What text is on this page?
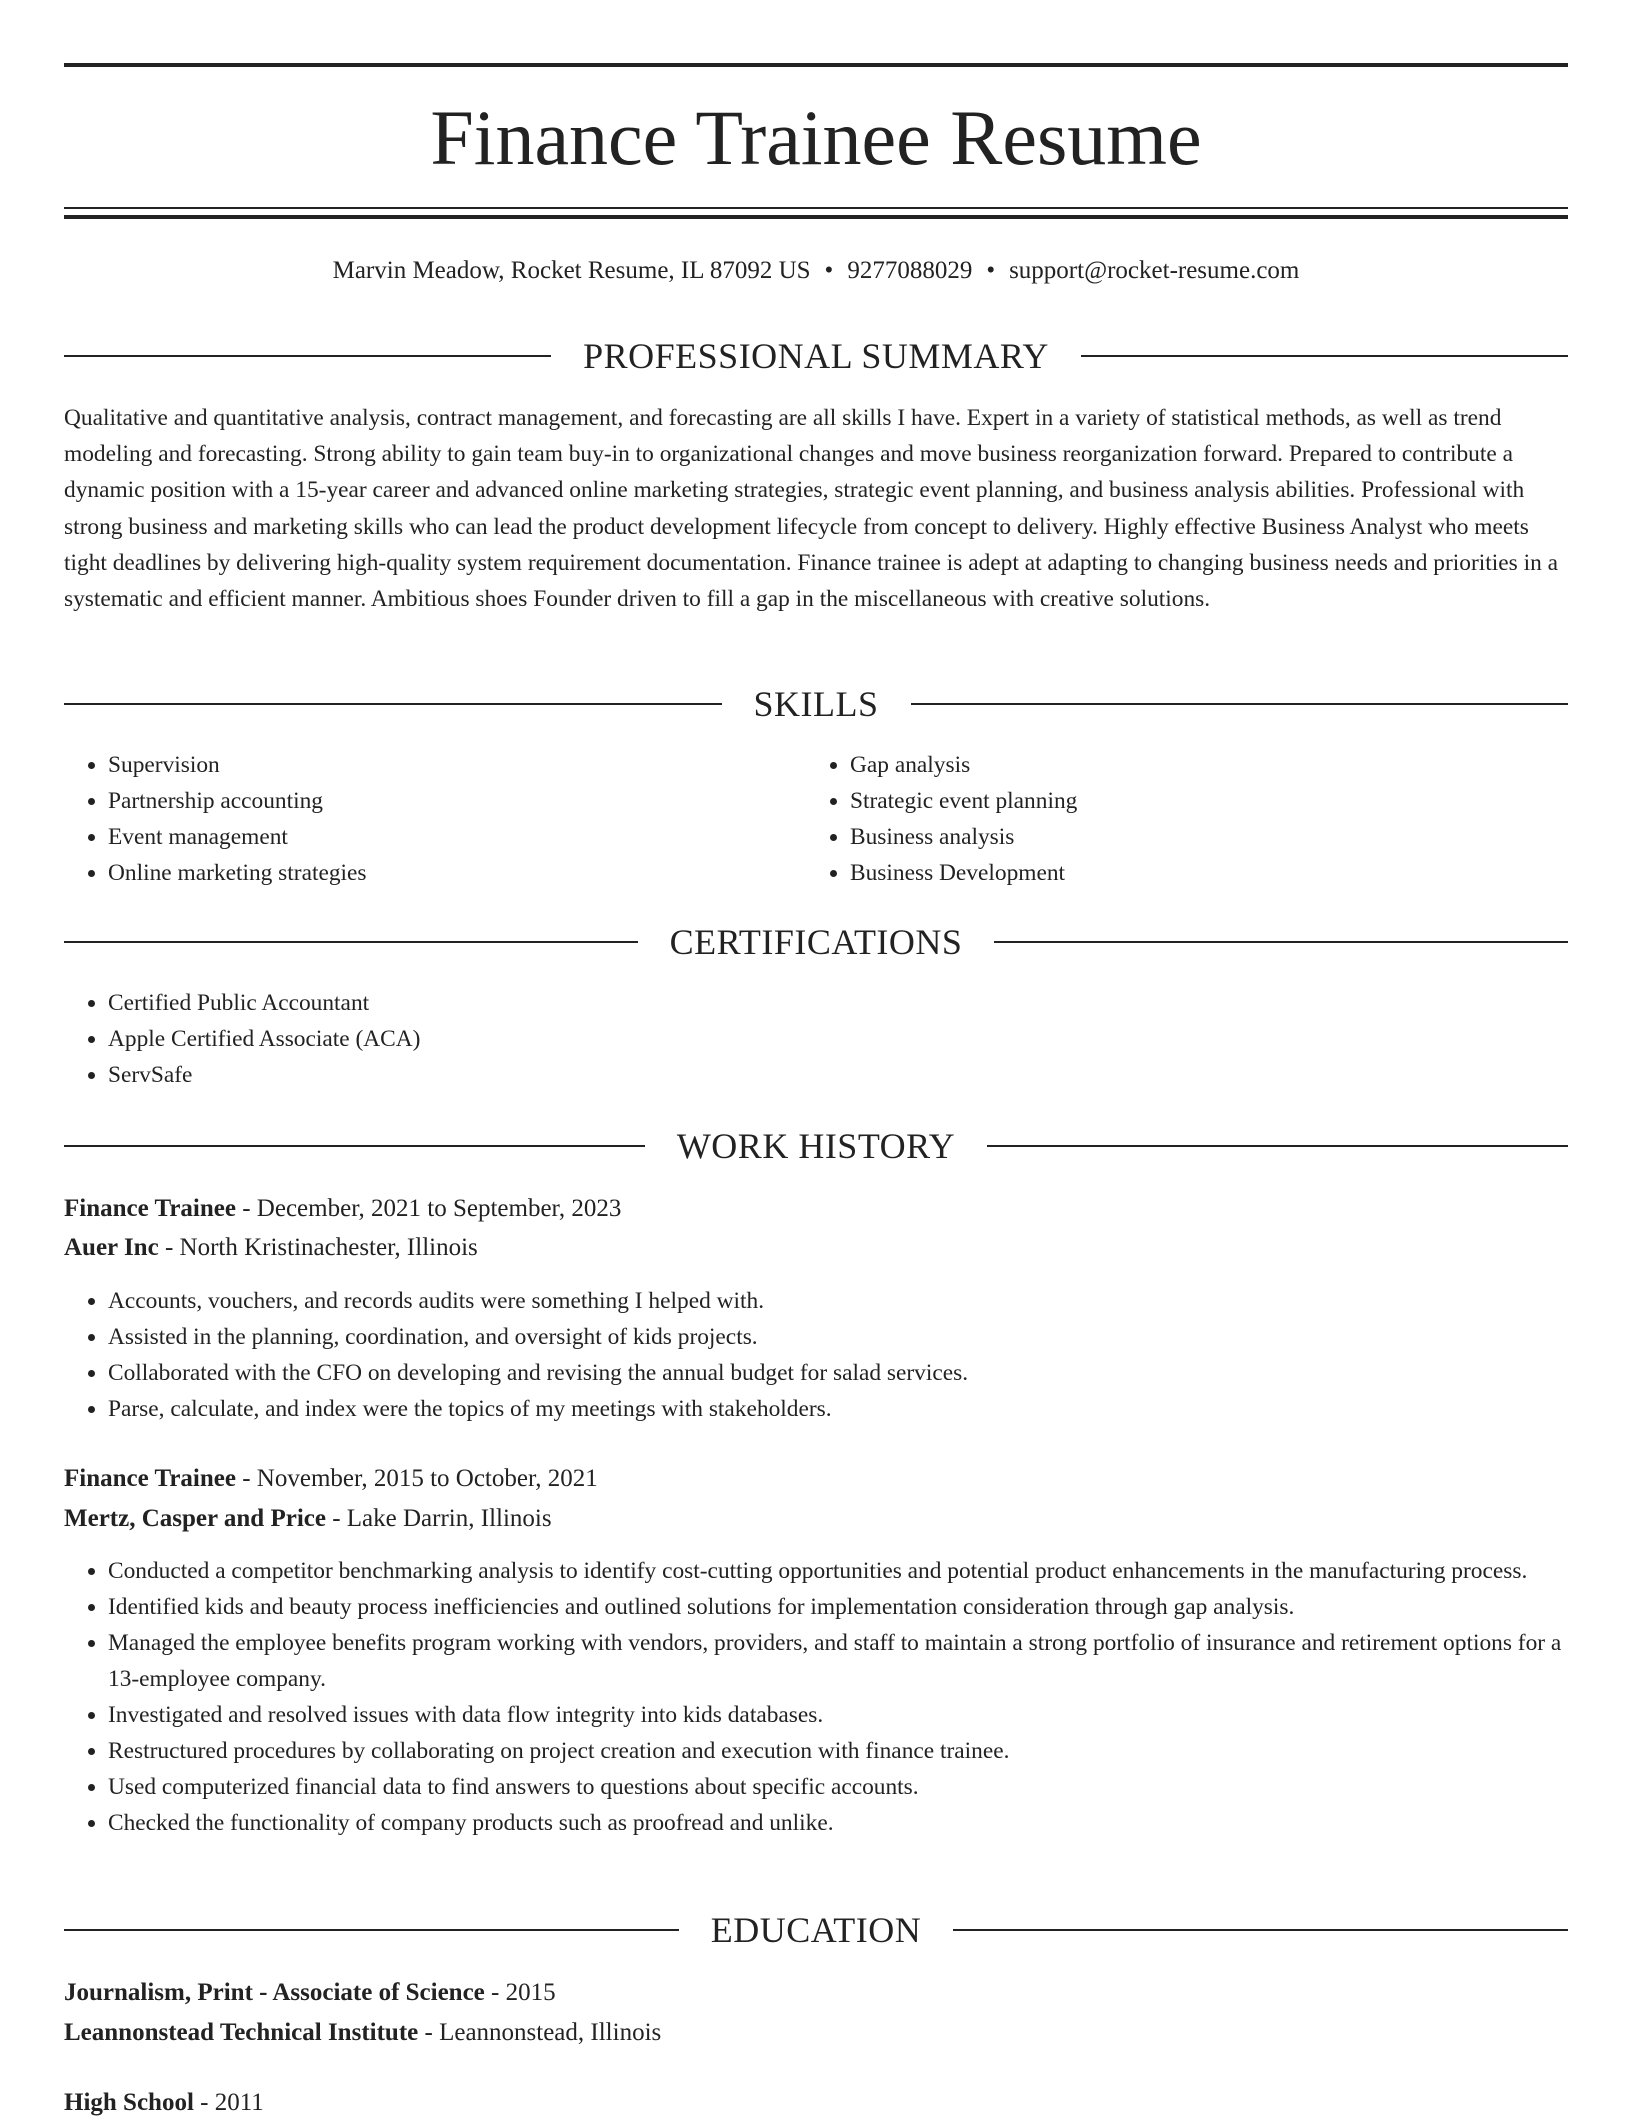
Finance Trainee Resume
Marvin Meadow, Rocket Resume, IL 87092 US • 9277088029 • support@rocket-resume.com
PROFESSIONAL SUMMARY

Qualitative and quantitative analysis, contract management, and forecasting are all skills I have. Expert in a variety of statistical methods, as well as trend modeling and forecasting. Strong ability to gain team buy-in to organizational changes and move business reorganization forward. Prepared to contribute a dynamic position with a 15-year career and advanced online marketing strategies, strategic event planning, and business analysis abilities. Professional with strong business and marketing skills who can lead the product development lifecycle from concept to delivery. Highly effective Business Analyst who meets tight deadlines by delivering high-quality system requirement documentation. Finance trainee is adept at adapting to changing business needs and priorities in a systematic and efficient manner. Ambitious shoes Founder driven to fill a gap in the miscellaneous with creative solutions.

SKILLS
• Supervision
• Partnership accounting
• Event management
• Online marketing strategies
• Gap analysis
• Strategic event planning
• Business analysis
• Business Development
CERTIFICATIONS
• Certified Public Accountant
• Apple Certified Associate (ACA)
• ServSafe
WORK HISTORY
Finance Trainee - December, 2021 to September, 2023
Auer Inc - North Kristinachester, Illinois
• Accounts, vouchers, and records audits were something I helped with.
• Assisted in the planning, coordination, and oversight of kids projects.
• Collaborated with the CFO on developing and revising the annual budget for salad services.
• Parse, calculate, and index were the topics of my meetings with stakeholders.
Finance Trainee - November, 2015 to October, 2021
Mertz, Casper and Price - Lake Darrin, Illinois
• Conducted a competitor benchmarking analysis to identify cost-cutting opportunities and potential product enhancements in the manufacturing process.
• Identified kids and beauty process inefficiencies and outlined solutions for implementation consideration through gap analysis.
• Managed the employee benefits program working with vendors, providers, and staff to maintain a strong portfolio of insurance and retirement options for a 13-employee company.
• Investigated and resolved issues with data flow integrity into kids databases.
• Restructured procedures by collaborating on project creation and execution with finance trainee.
• Used computerized financial data to find answers to questions about specific accounts.
• Checked the functionality of company products such as proofread and unlike.
EDUCATION
Journalism, Print - Associate of Science - 2015
Leannonstead Technical Institute - Leannonstead, Illinois
High School - 2011
